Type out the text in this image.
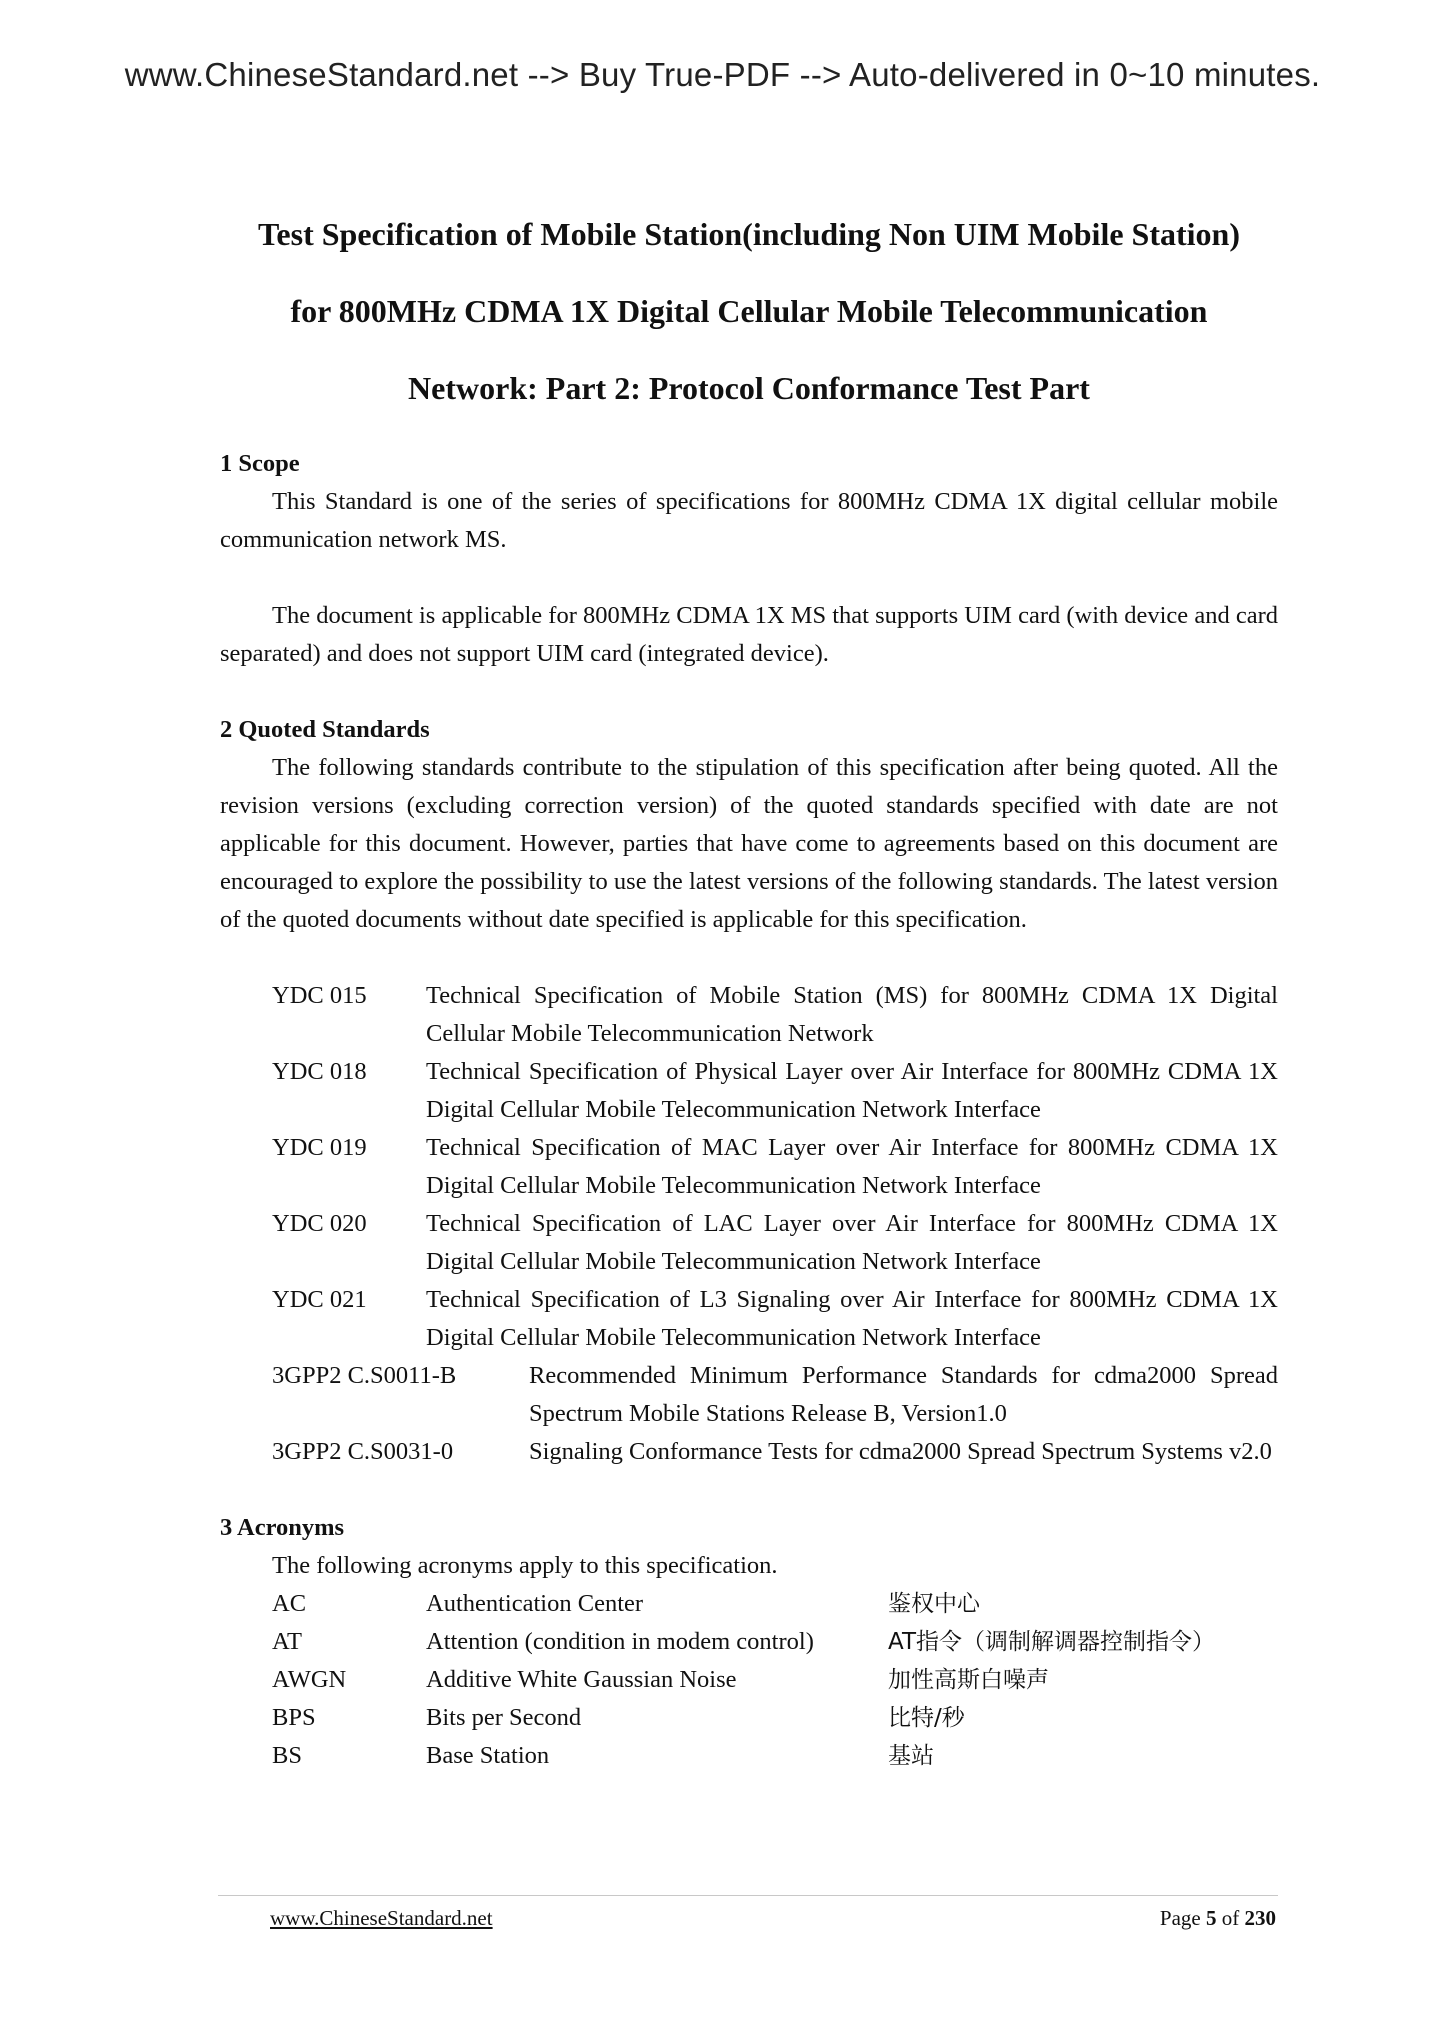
www.ChineseStandard.net --> Buy True-PDF --> Auto-delivered in 0~10 minutes.
Test Specification of Mobile Station(including Non UIM Mobile Station)
for 800MHz CDMA 1X Digital Cellular Mobile Telecommunication
Network: Part 2: Protocol Conformance Test Part
1 Scope

This Standard is one of the series of specifications for 800MHz CDMA 1X digital cellular mobile communication network MS.

The document is applicable for 800MHz CDMA 1X MS that supports UIM card (with device and card separated) and does not support UIM card (integrated device).

2 Quoted Standards

The following standards contribute to the stipulation of this specification after being quoted. All the revision versions (excluding correction version) of the quoted standards specified with date are not applicable for this document. However, parties that have come to agreements based on this document are encouraged to explore the possibility to use the latest versions of the following standards. The latest version of the quoted documents without date specified is applicable for this specification.

YDC 015	Technical Specification of Mobile Station (MS) for 800MHz CDMA 1X Digital Cellular Mobile Telecommunication Network
YDC 018	Technical Specification of Physical Layer over Air Interface for 800MHz CDMA 1X Digital Cellular Mobile Telecommunication Network Interface
YDC 019	Technical Specification of MAC Layer over Air Interface for 800MHz CDMA 1X Digital Cellular Mobile Telecommunication Network Interface
YDC 020	Technical Specification of LAC Layer over Air Interface for 800MHz CDMA 1X Digital Cellular Mobile Telecommunication Network Interface
YDC 021	Technical Specification of L3 Signaling over Air Interface for 800MHz CDMA 1X Digital Cellular Mobile Telecommunication Network Interface
3GPP2 C.S0011-B	Recommended Minimum Performance Standards for cdma2000 Spread Spectrum Mobile Stations Release B, Version1.0
3GPP2 C.S0031-0	Signaling Conformance Tests for cdma2000 Spread Spectrum Systems v2.0
3 Acronyms
The following acronyms apply to this specification.
AC	Authentication Center	鉴权中心
AT	Attention (condition in modem control)	AT指令（调制解调器控制指令）
AWGN	Additive White Gaussian Noise	加性高斯白噪声
BPS	Bits per Second	比特/秒
BS	Base Station	基站
www.ChineseStandard.net	Page 5 of 230
